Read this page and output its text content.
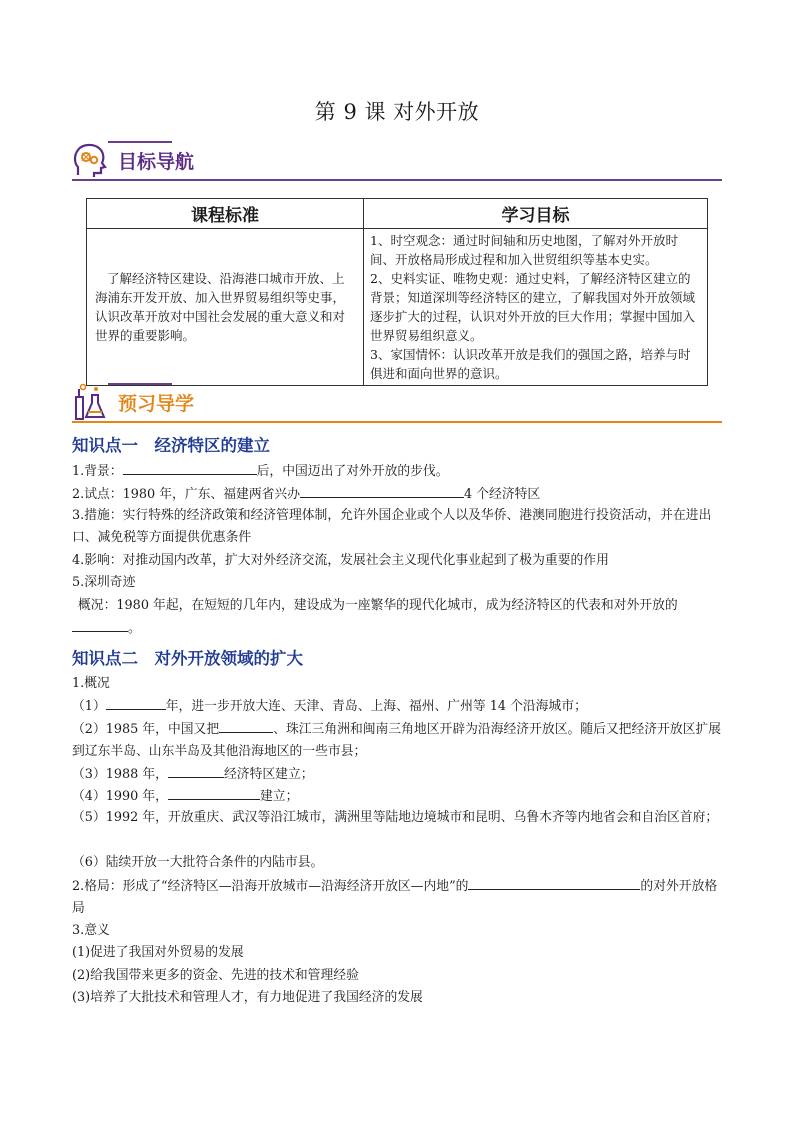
第 9 课 对外开放
目标导航
课程标准	学习目标

了解经济特区建设、沿海港口城市开放、上海浦东开发开放、加入世界贸易组织等史事，认识改革开放对中国社会发展的重大意义和对世界的重要影响。	1、时空观念：通过时间轴和历史地图，了解对外开放时间、开放格局形成过程和加入世贸组织等基本史实。
2、史料实证、唯物史观：通过史料，了解经济特区建立的背景；知道深圳等经济特区的建立，了解我国对外开放领域逐步扩大的过程，认识对外开放的巨大作用；掌握中国加入世界贸易组织意义。
3、家国情怀：认识改革开放是我们的强国之路，培养与时俱进和面向世界的意识。
预习导学
知识点一　经济特区的建立
1.背景：	后，中国迈出了对外开放的步伐。
2.试点：1980 年，广东、福建两省兴办	4 个经济特区
3.措施：实行特殊的经济政策和经济管理体制，允许外国企业或个人以及华侨、港澳同胞进行投资活动，并在进出口、减免税等方面提供优惠条件
4.影响：对推动国内改革，扩大对外经济交流，发展社会主义现代化事业起到了极为重要的作用
5.深圳奇迹
概况：1980 年起，在短短的几年内，建设成为一座繁华的现代化城市，成为经济特区的代表和对外开放的。
知识点二　对外开放领域的扩大
1.概况
（1）	年，进一步开放大连、天津、青岛、上海、福州、广州等 14 个沿海城市；
（2）1985 年，中国又把	、珠江三角洲和闽南三角地区开辟为沿海经济开放区。随后又把经济开放区扩展到辽东半岛、山东半岛及其他沿海地区的一些市县；
（3）1988 年，	经济特区建立；
（4）1990 年，	建立；
（5）1992 年，开放重庆、武汉等沿江城市，满洲里等陆地边境城市和昆明、乌鲁木齐等内地省会和自治区首府；
（6）陆续开放一大批符合条件的内陆市县。
2.格局：形成了“经济特区—沿海开放城市—沿海经济开放区—内地”的	的对外开放格局
3.意义
(1)促进了我国对外贸易的发展
(2)给我国带来更多的资金、先进的技术和管理经验
(3)培养了大批技术和管理人才，有力地促进了我国经济的发展
